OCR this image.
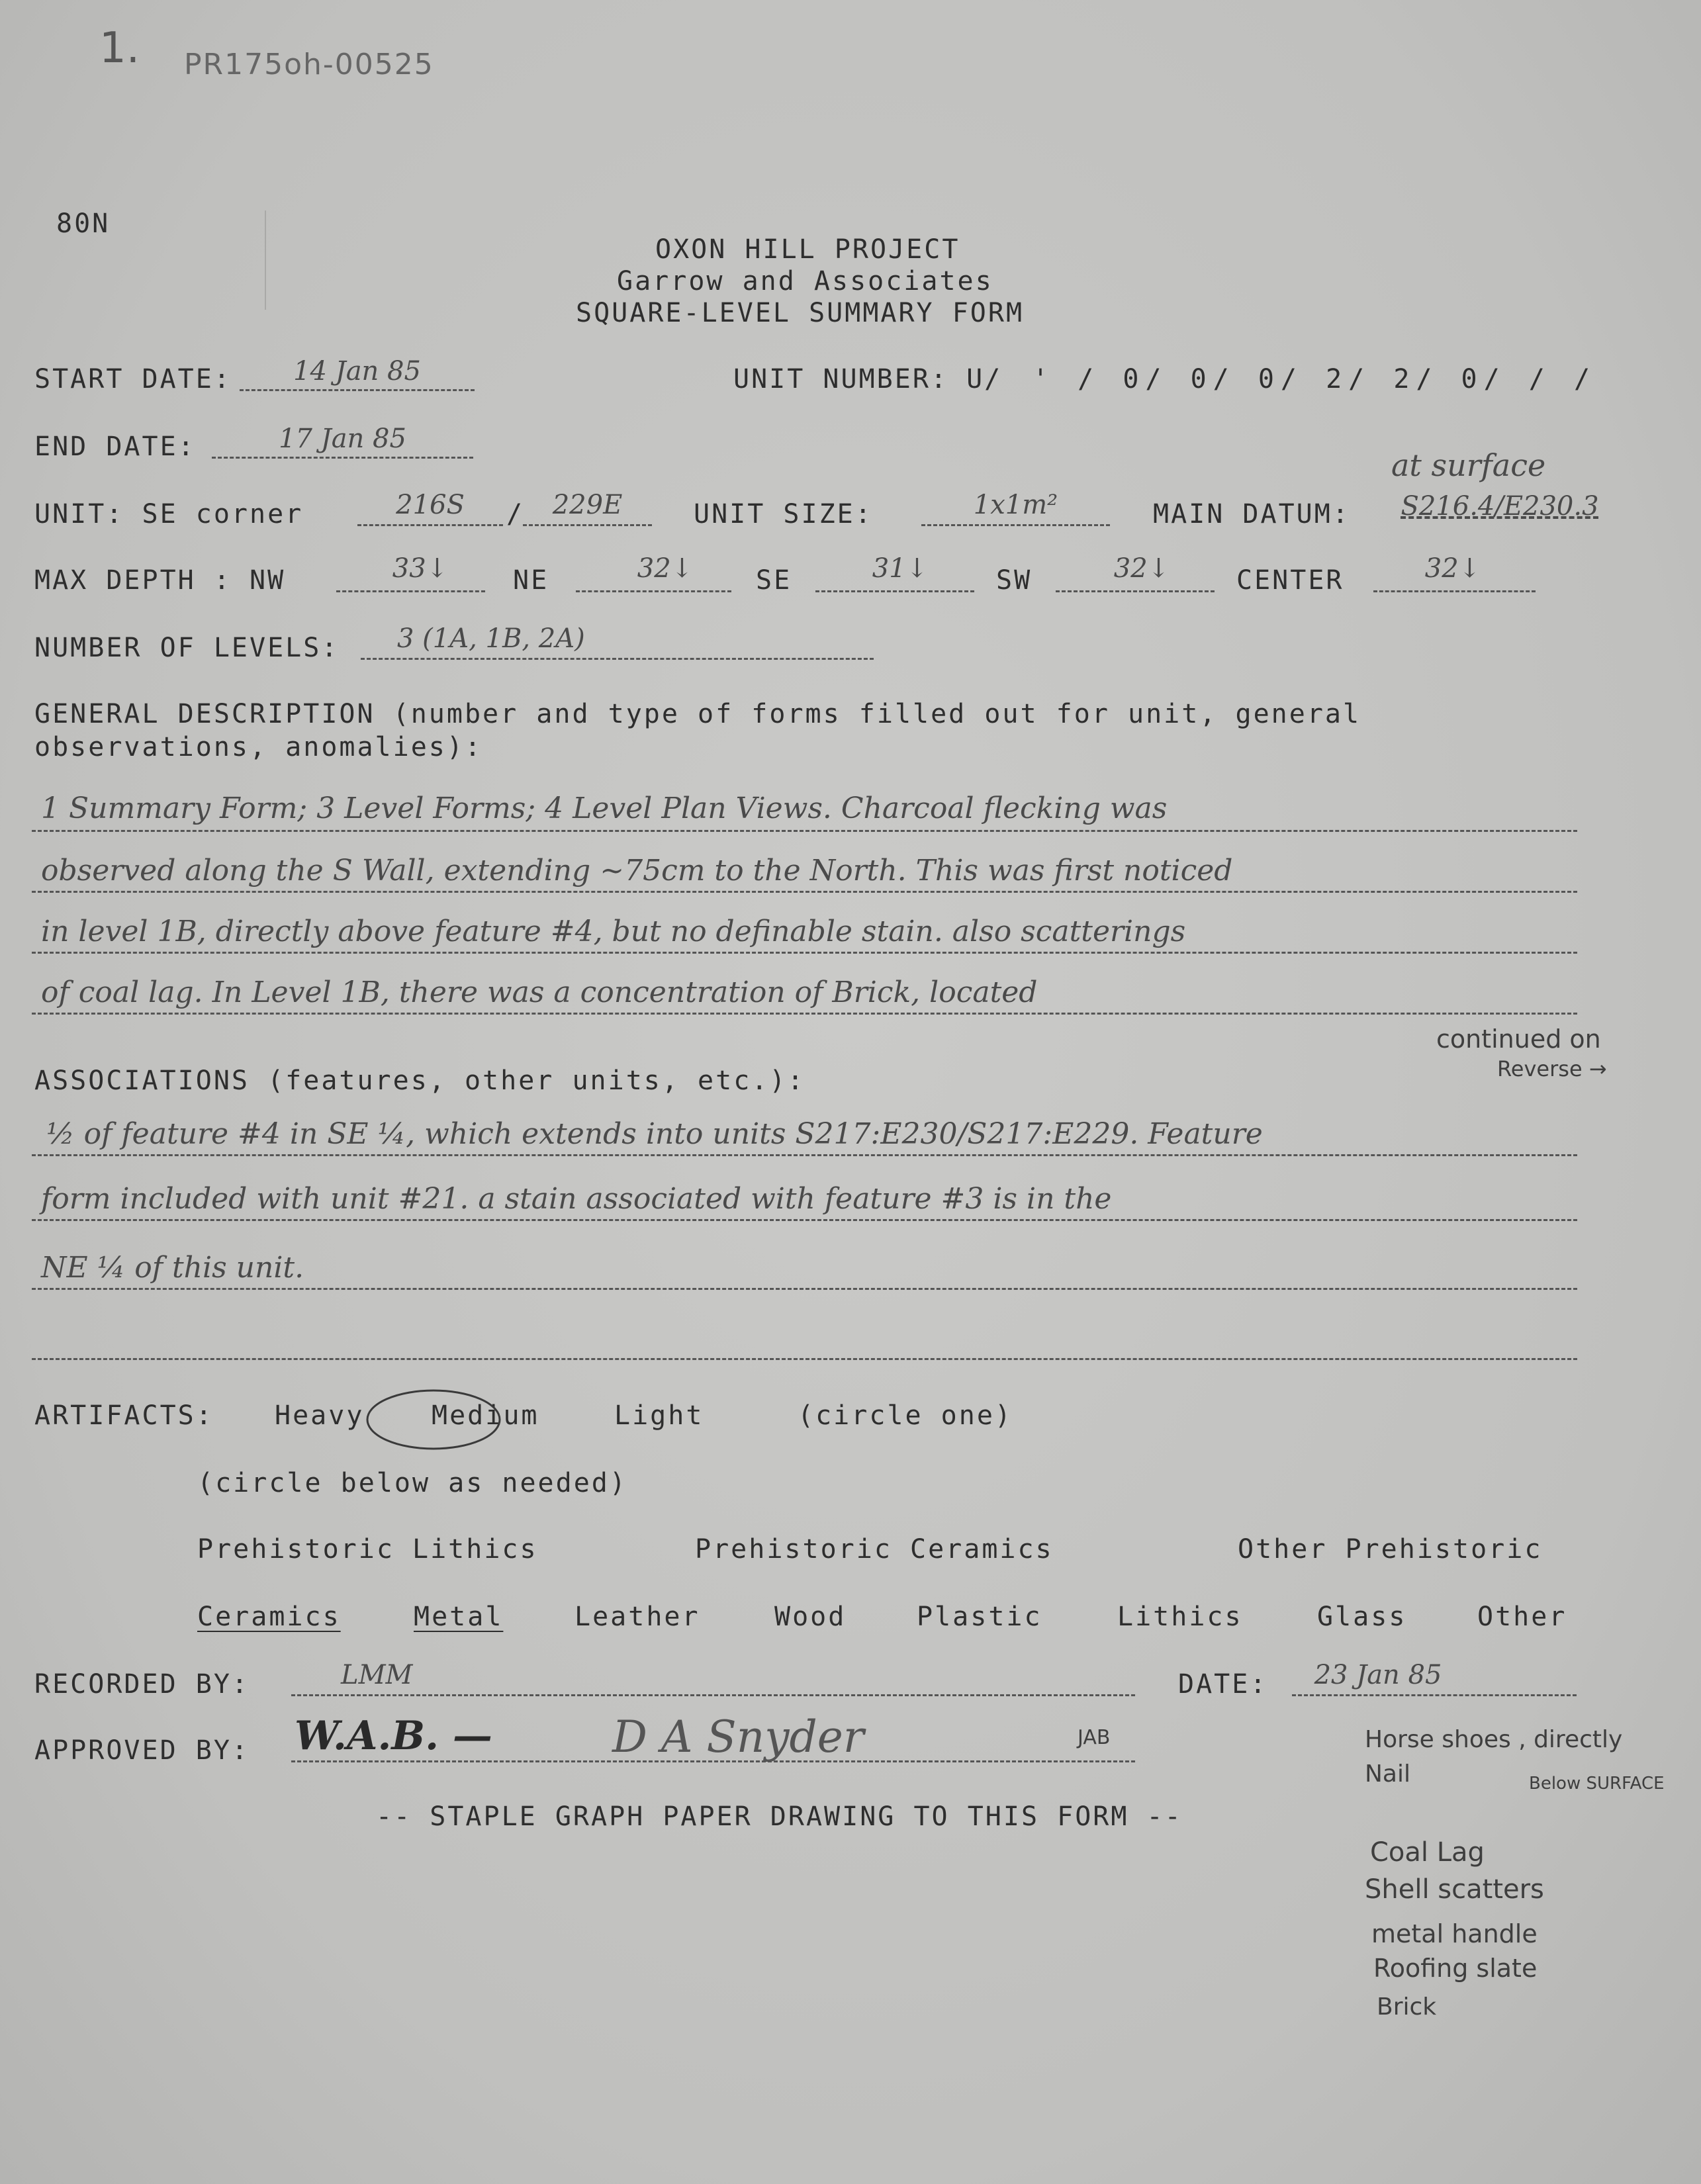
1. PR175oh-00525
80N
OXON HILL PROJECT
Garrow and Associates
SQUARE-LEVEL SUMMARY FORM
START DATE:	14 Jan 85	UNIT NUMBER: U/ ' / 0/ 0/ 0/ 2/ 2/ 0/ / /
END DATE:	17 Jan 85
at surface
UNIT: SE corner	216S	/	229E	UNIT SIZE:	1x1m²	MAIN DATUM:	S216.4/E230.3
MAX DEPTH : NW	33↓	NE	32↓	SE	31↓	SW	32↓	CENTER	32↓
NUMBER OF LEVELS: 3 (1A, 1B, 2A)
GENERAL DESCRIPTION (number and type of forms filled out for unit, general
observations, anomalies):
1 Summary Form; 3 Level Forms; 4 Level Plan Views. Charcoal flecking was
observed along the S Wall, extending ~75cm to the North. This was first noticed
in level 1B, directly above feature #4, but no definable stain. also scatterings
of coal lag. In Level 1B, there was a concentration of Brick, located
continued on
Reverse →
ASSOCIATIONS (features, other units, etc.):
½ of feature #4 in SE ¼, which extends into units S217:E230/S217:E229. Feature
form included with unit #21. a stain associated with feature #3 is in the
NE ¼ of this unit.
ARTIFACTS: Heavy	Medium	Light	(circle one)
(circle below as needed)
Prehistoric Lithics	Prehistoric Ceramics	Other Prehistoric
Ceramics	Metal	Leather	Wood	Plastic	Lithics	Glass	Other
RECORDED BY:	LMM	DATE:	23 Jan 85
APPROVED BY: W.A.B. —	D A Snyder	JAB	Horse shoes , directly
Nail	Below SURFACE
-- STAPLE GRAPH PAPER DRAWING TO THIS FORM --
Coal Lag
Shell scatters
metal handle
Roofing slate
Brick
